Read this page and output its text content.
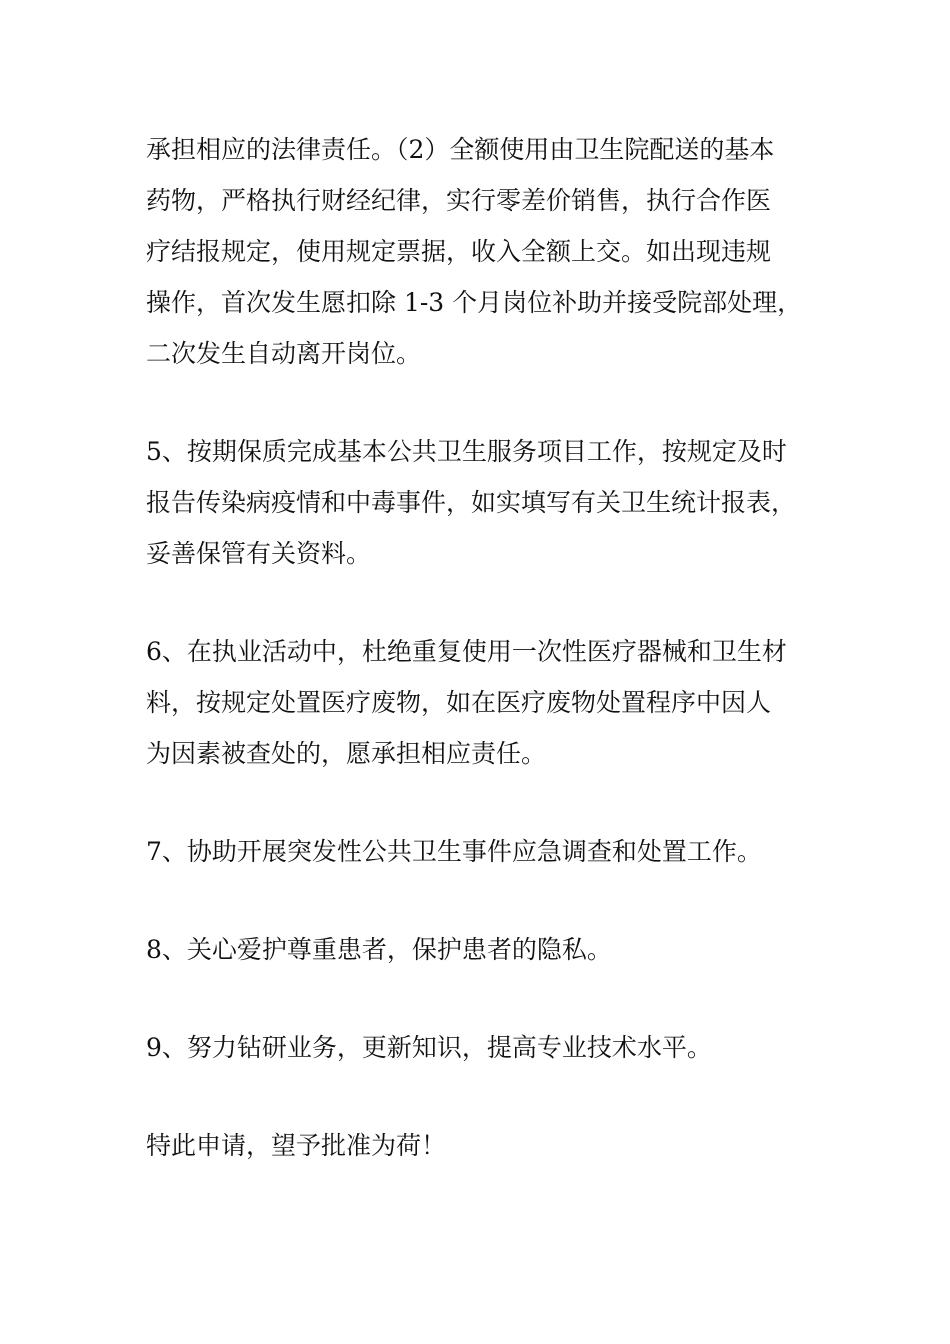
承担相应的法律责任。（2）全额使用由卫生院配送的基本
药物，严格执行财经纪律，实行零差价销售，执行合作医
疗结报规定，使用规定票据，收入全额上交。如出现违规
操作，首次发生愿扣除 1-3 个月岗位补助并接受院部处理，
二次发生自动离开岗位。
5、按期保质完成基本公共卫生服务项目工作，按规定及时
报告传染病疫情和中毒事件，如实填写有关卫生统计报表，
妥善保管有关资料。
6、在执业活动中，杜绝重复使用一次性医疗器械和卫生材
料，按规定处置医疗废物，如在医疗废物处置程序中因人
为因素被查处的，愿承担相应责任。
7、协助开展突发性公共卫生事件应急调查和处置工作。
8、关心爱护尊重患者，保护患者的隐私。
9、努力钻研业务，更新知识，提高专业技术水平。
特此申请，望予批准为荷！
